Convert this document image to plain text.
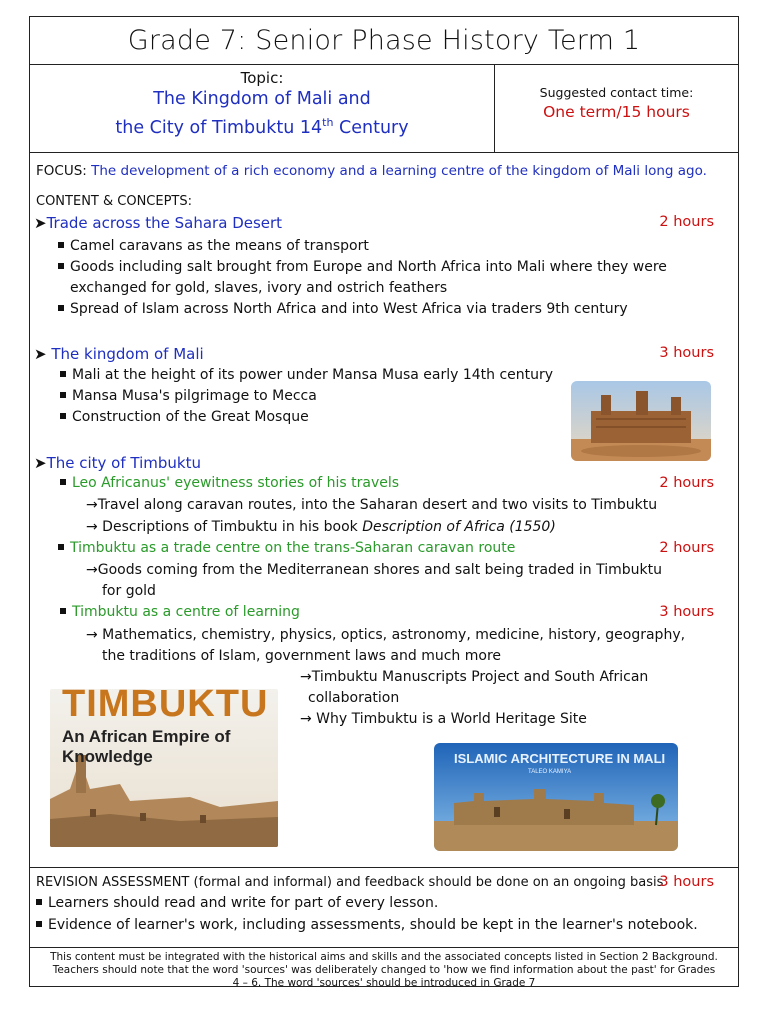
Grade 7: Senior Phase History Term 1
Topic:
The Kingdom of Mali and
the City of Timbuktu 14th Century
Suggested contact time:
One term/15 hours
FOCUS: The development of a rich economy and a learning centre of the kingdom of Mali long ago.
CONTENT & CONCEPTS:
➤Trade across the Sahara Desert	2 hours
Camel caravans as the means of transport
Goods including salt brought from Europe and North Africa into Mali where they were
exchanged for gold, slaves, ivory and ostrich feathers
Spread of Islam across North Africa and into West Africa via traders 9th century
➤ The kingdom of Mali	3 hours
Mali at the height of its power under Mansa Musa early 14th century
Mansa Musa's pilgrimage to Mecca
Construction of the Great Mosque
➤The city of Timbuktu
Leo Africanus' eyewitness stories of his travels	2 hours
→Travel along caravan routes, into the Saharan desert and two visits to Timbuktu
→ Descriptions of Timbuktu in his book Description of Africa (1550)
Timbuktu as a trade centre on the trans-Saharan caravan route	2 hours
→Goods coming from the Mediterranean shores and salt being traded in Timbuktu
for gold
Timbuktu as a centre of learning	3 hours
→ Mathematics, chemistry, physics, optics, astronomy, medicine, history, geography,
the traditions of Islam, government laws and much more
→Timbuktu Manuscripts Project and South African
collaboration
→ Why Timbuktu is a World Heritage Site
TIMBUKTU
An African Empire of Knowledge	ISLAMIC ARCHITECTURE IN MALI
TALEO KAMIYA
REVISION ASSESSMENT (formal and informal) and feedback should be done on an ongoing basis
3 hours
Learners should read and write for part of every lesson.
Evidence of learner's work, including assessments, should be kept in the learner's notebook.
This content must be integrated with the historical aims and skills and the associated concepts listed in Section 2 Background.
Teachers should note that the word 'sources' was deliberately changed to 'how we find information about the past' for Grades
4 – 6. The word 'sources' should be introduced in Grade 7
